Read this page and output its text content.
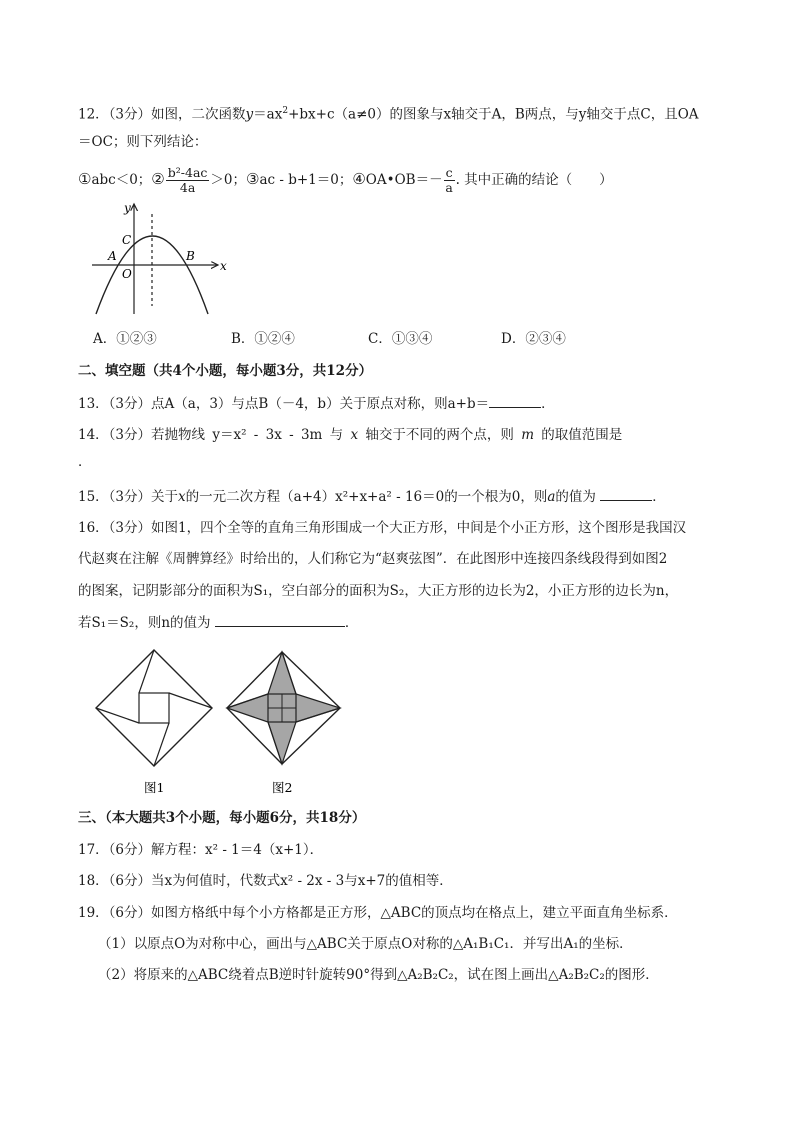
12．（3分）如图，二次函数$y=ax^2+bx+c(a\ne 0)$的图象与x轴交于A，B两点，与y轴交于点C，且OA
＝OC；则下列结论：
①abc＜0；② $\frac{\text{b²-4ac}}{4a} >0$；③ac - b+1＝0；④OA•OB＝－ $\frac{c}{a}$ . 其中正确的结论（　　）
y
x
C
A	B
O
A．①②③	B．①②④	C．①③④	D．②③④
二、填空题（共4个小题，每小题3分，共12分）
13．（3分）点A（a，3）与点B（－4，b）关于原点对称，则a+b＝	．
14．（3分）若抛物线 y＝x² - 3x - 3m 与 x 轴交于不同的两个点，则 m 的取值范围是
．
15．（3分）关于x的一元二次方程（a+4）x²+x+a² - 16＝0的一个根为0，则a的值为	．
16．（3分）如图1，四个全等的直角三角形围成一个大正方形，中间是个小正方形，这个图形是我国汉
代赵爽在注解《周髀算经》时给出的，人们称它为“赵爽弦图”．在此图形中连接四条线段得到如图2
的图案，记阴影部分的面积为S₁，空白部分的面积为S₂，大正方形的边长为2，小正方形的边长为n，
若S₁＝S₂，则n的值为	．
图1	图2
三、（本大题共3个小题，每小题6分，共18分）
17．（6分）解方程：x² - 1＝4（x+1）．
18．（6分）当x为何值时，代数式x² - 2x - 3与x+7的值相等．
19．（6分）如图方格纸中每个小方格都是正方形，△ABC的顶点均在格点上，建立平面直角坐标系．
（1）以原点O为对称中心，画出与△ABC关于原点O对称的△A₁B₁C₁．并写出A₁的坐标．
（2）将原来的△ABC绕着点B逆时针旋转90°得到△A₂B₂C₂，试在图上画出△A₂B₂C₂的图形．
